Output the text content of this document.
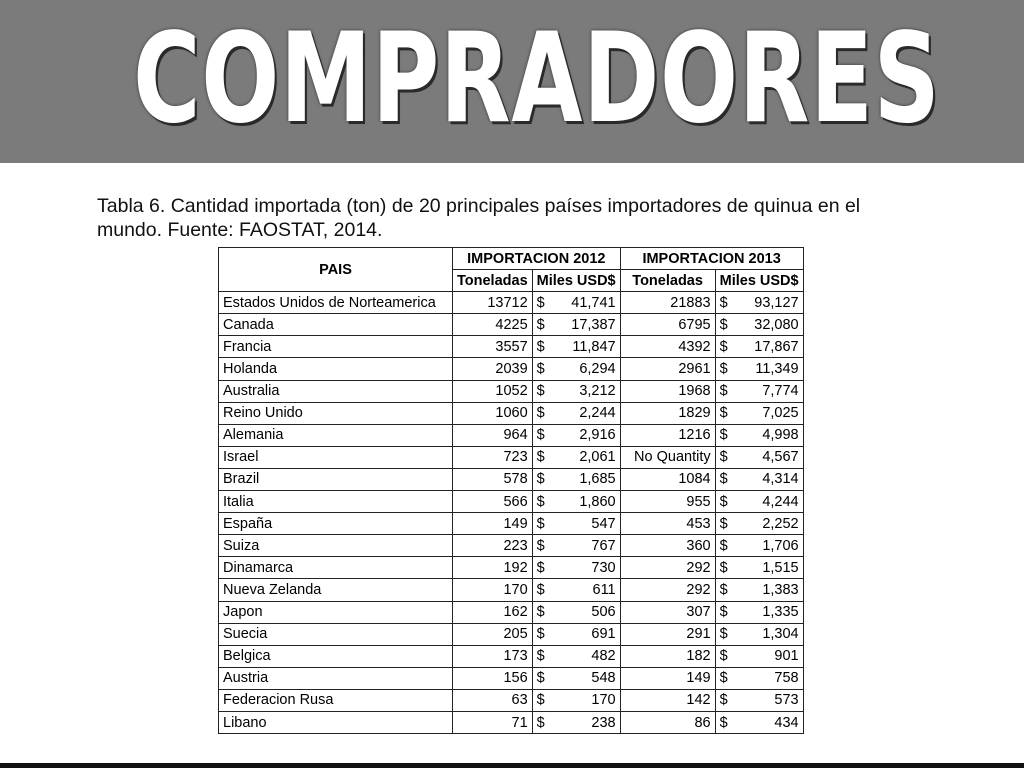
COMPRADORES
Tabla 6. Cantidad importada (ton) de 20 principales países importadores de quinua en el
mundo. Fuente: FAOSTAT, 2014.
PAIS	IMPORTACION 2012		IMPORTACION 2013	
	Toneladas	Miles USD$	Toneladas	Miles USD$
Estados Unidos de Norteamerica	13712	$ 41,741	21883	$ 93,127

Canada	4225	$ 17,387	6795	$ 32,080

Francia	3557	$ 11,847	4392	$ 17,867

Holanda	2039	$ 6,294	2961	$ 11,349

Australia	1052	$ 3,212	1968	$ 7,774

Reino Unido	1060	$ 2,244	1829	$ 7,025

Alemania	964	$ 2,916	1216	$ 4,998

Israel	723	$ 2,061	No Quantity	$ 4,567

Brazil	578	$ 1,685	1084	$ 4,314

Italia	566	$ 1,860	955	$ 4,244

España	149	$ 547	453	$ 2,252

Suiza	223	$ 767	360	$ 1,706

Dinamarca	192	$ 730	292	$ 1,515

Nueva Zelanda	170	$ 611	292	$ 1,383

Japon	162	$ 506	307	$ 1,335

Suecia	205	$ 691	291	$ 1,304

Belgica	173	$ 482	182	$ 901

Austria	156	$ 548	149	$ 758

Federacion Rusa	63	$ 170	142	$ 573

Libano	71	$ 238	86	$ 434
